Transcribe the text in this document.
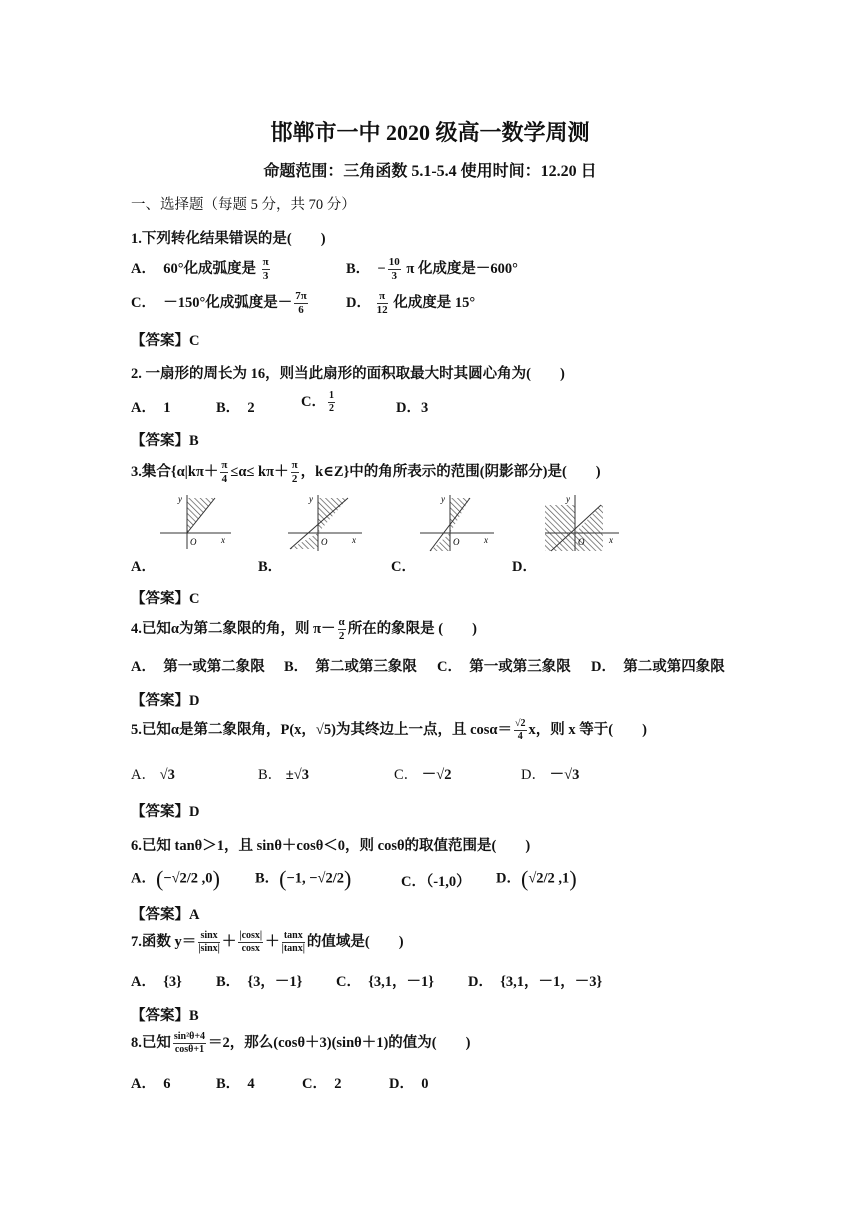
邯郸市一中 2020 级高一数学周测
命题范围：三角函数 5.1-5.4 使用时间：12.20 日
一、选择题（每题 5 分，共 70 分）
1.下列转化结果错误的是(　　)
A．　60°化成弧度是 $\frac{\pi}{3}$	B．　− $\frac{10}{3}$ π 化成度是－600°
C．　－150°化成弧度是－ $\frac{7\pi}{6}$	D． $\frac{\pi}{12}$ 化成度是 15°
【答案】C
2. 一扇形的周长为 16，则当此扇形的面积取最大时其圆心角为(　　)
A．　1	B．　2	C． $\frac{1}{2}$	D．3
【答案】B
3.集合{$\alpha|k\pi+ \frac{\pi}{4} \le\alpha\le k\pi+ \frac{\pi}{2}$ ，k∈Z}中的角所表示的范围(阴影部分)是(　　)
y
x
O
y
x
O
y
x
O
y
x
O
A．	B．	C．	D．
【答案】C
4.已知α为第二象限的角，则 $\pi- \frac{\alpha}{2}$ 所在的象限是 (　　)
A．　第一或第二象限 B．　第二或第三象限 C．　第一或第三象限 D．　第二或第四象限
【答案】D
5.已知α是第二象限角，P(x，√5)为其终边上一点，且 $\cos\alpha= \frac{√2}{4}$ x，则 x 等于(　　)
A． √3	B． ±√3	C． －√2	D． －√3
【答案】D
6.已知 tanθ＞1，且 sinθ＋cosθ＜0，则 cosθ的取值范围是(　　)
A．(−√2/2 ,0) B．(−1, −√2/2)	C．（-1,0） D．(√2/2 ,1)
【答案】A
7.函数 $y= \frac{\sin x}{|\sin x|} + \frac{|\cos x|}{\cos x} + \frac{\tan x}{|\tan x|}$ 的值域是(　　)
A．　{3} B．　{3，－1} C．　{3,1，－1} D．　{3,1，－1，－3}
【答案】B
8.已知 $\frac{\text{sin²θ+4}}{\cos\theta+1} =2$，那么(cosθ＋3)(sinθ＋1)的值为(　　)
A．　6	B．　4	C．　2	D．　0
